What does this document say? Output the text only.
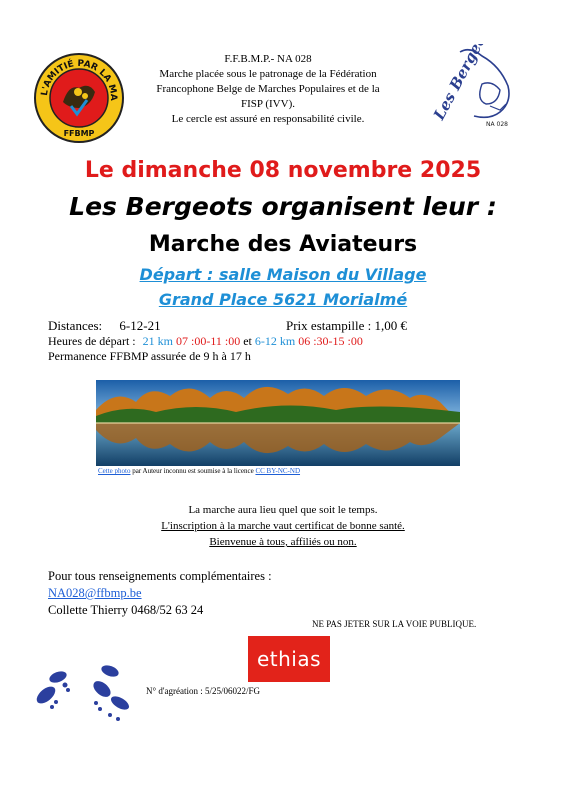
L'AMITIÉ PAR LA MA
FFBMP
F.F.B.M.P.- NA 028
Marche placée sous le patronage de la Fédération
Francophone Belge de Marches Populaires et de la
FISP (IVV).
Le cercle est assuré en responsabilité civile.	Les Bergeots
NA 028
Le dimanche 08 novembre 2025
Les Bergeots organisent leur :
Marche des Aviateurs
Départ : salle Maison du Village
Grand Place 5621 Morialmé
Distances: 6-12-21	Prix estampille : 1,00 €
Heures de départ : 21 km 07 :00-11 :00 et 6-12 km 06 :30-15 :00
Permanence FFBMP assurée de 9 h à 17 h
Cette photo par Auteur inconnu est soumise à la licence CC BY-NC-ND
La marche aura lieu quel que soit le temps.
L'inscription à la marche vaut certificat de bonne santé.
Bienvenue à tous, affiliés ou non.
Pour tous renseignements complémentaires :
NA028@ffbmp.be
Collette Thierry 0468/52 63 24
NE PAS JETER SUR LA VOIE PUBLIQUE.
ethias
N° d'agréation : 5/25/06022/FG
